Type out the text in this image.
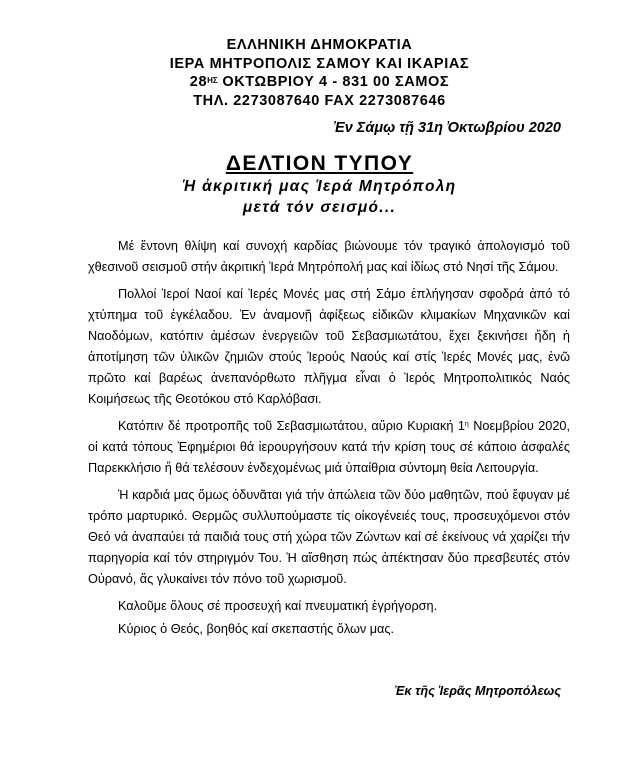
ΕΛΛΗΝΙΚΗ ΔΗΜΟΚΡΑΤΙΑ
ΙΕΡΑ ΜΗΤΡΟΠΟΛΙΣ ΣΑΜΟΥ ΚΑΙ ΙΚΑΡΙΑΣ
$28^{H\Sigma}$ ΟΚΤΩΒΡΙΟΥ 4 - 831 00 ΣΑΜΟΣ
ΤΗΛ. 2273087640 FAX 2273087646
Ἐν Σάμῳ τῇ 31η Ὀκτωβρίου 2020
ΔΕΛΤΙΟΝ ΤΥΠΟΥ
Ἡ ἀκριτική μας Ἱερά Μητρόπολη
μετά τόν σεισμό...

Μέ ἔντονη θλίψη καί συνοχή καρδίας βιώνουμε τόν τραγικό ἀπολογισμό τοῦ χθεσινοῦ σεισμοῦ στήν ἀκριτική Ἱερά Μητρόπολή μας καί ἰδίως στό Νησί τῆς Σάμου.

Πολλοί Ἱεροί Ναοί καί Ἱερές Μονές μας στή Σάμο ἐπλήγησαν σφοδρά ἀπό τό χτύπημα τοῦ ἐγκέλαδου. Ἐν ἀναμονῇ ἀφίξεως εἰδικῶν κλιμακίων Μηχανικῶν καί Ναοδόμων, κατόπιν ἀμέσων ἐνεργειῶν τοῦ Σεβασμιωτάτου, ἔχει ξεκινήσει ἤδη ἡ ἀποτίμηση τῶν ὑλικῶν ζημιῶν στούς Ἱερούς Ναούς καί στίς Ἱερές Μονές μας, ἐνῶ πρῶτο καί βαρέως ἀνεπανόρθωτο πλῆγμα εἶναι ὁ Ἱερός Μητροπολιτικός Ναός Κοιμήσεως τῆς Θεοτόκου στό Καρλόβασι.

Κατόπιν δέ προτροπῆς τοῦ Σεβασμιωτάτου, αὔριο Κυριακή $1^\eta$ Νοεμβρίου 2020, οἱ κατά τόπους Ἐφημέριοι θά ἱερουργήσουν κατά τήν κρίση τους σέ κάποιο ἀσφαλές Παρεκκλήσιο ἤ θά τελέσουν ἐνδεχομένως μιά ὑπαίθρια σύντομη θεία Λειτουργία.

Ἡ καρδιά μας ὅμως ὀδυνᾶται γιά τήν ἀπώλεια τῶν δύο μαθητῶν, πού ἔφυγαν μέ τρόπο μαρτυρικό. Θερμῶς συλλυπούμαστε τίς οἰκογένειές τους, προσευχόμενοι στόν Θεό νά ἀναπαύει τά παιδιά τους στή χώρα τῶν Ζώντων καί σέ ἐκείνους νά χαρίζει τήν παρηγορία καί τόν στηριγμόν Του. Ἡ αἴσθηση πώς ἀπέκτησαν δύο πρεσβευτές στόν Οὐρανό, ἄς γλυκαίνει τόν πόνο τοῦ χωρισμοῦ.

Καλοῦμε ὅλους σέ προσευχή καί πνευματική ἐγρήγορση.

Κύριος ὁ Θεός, βοηθός καί σκεπαστής ὅλων μας.

Ἐκ τῆς Ἱερᾶς Μητροπόλεως
